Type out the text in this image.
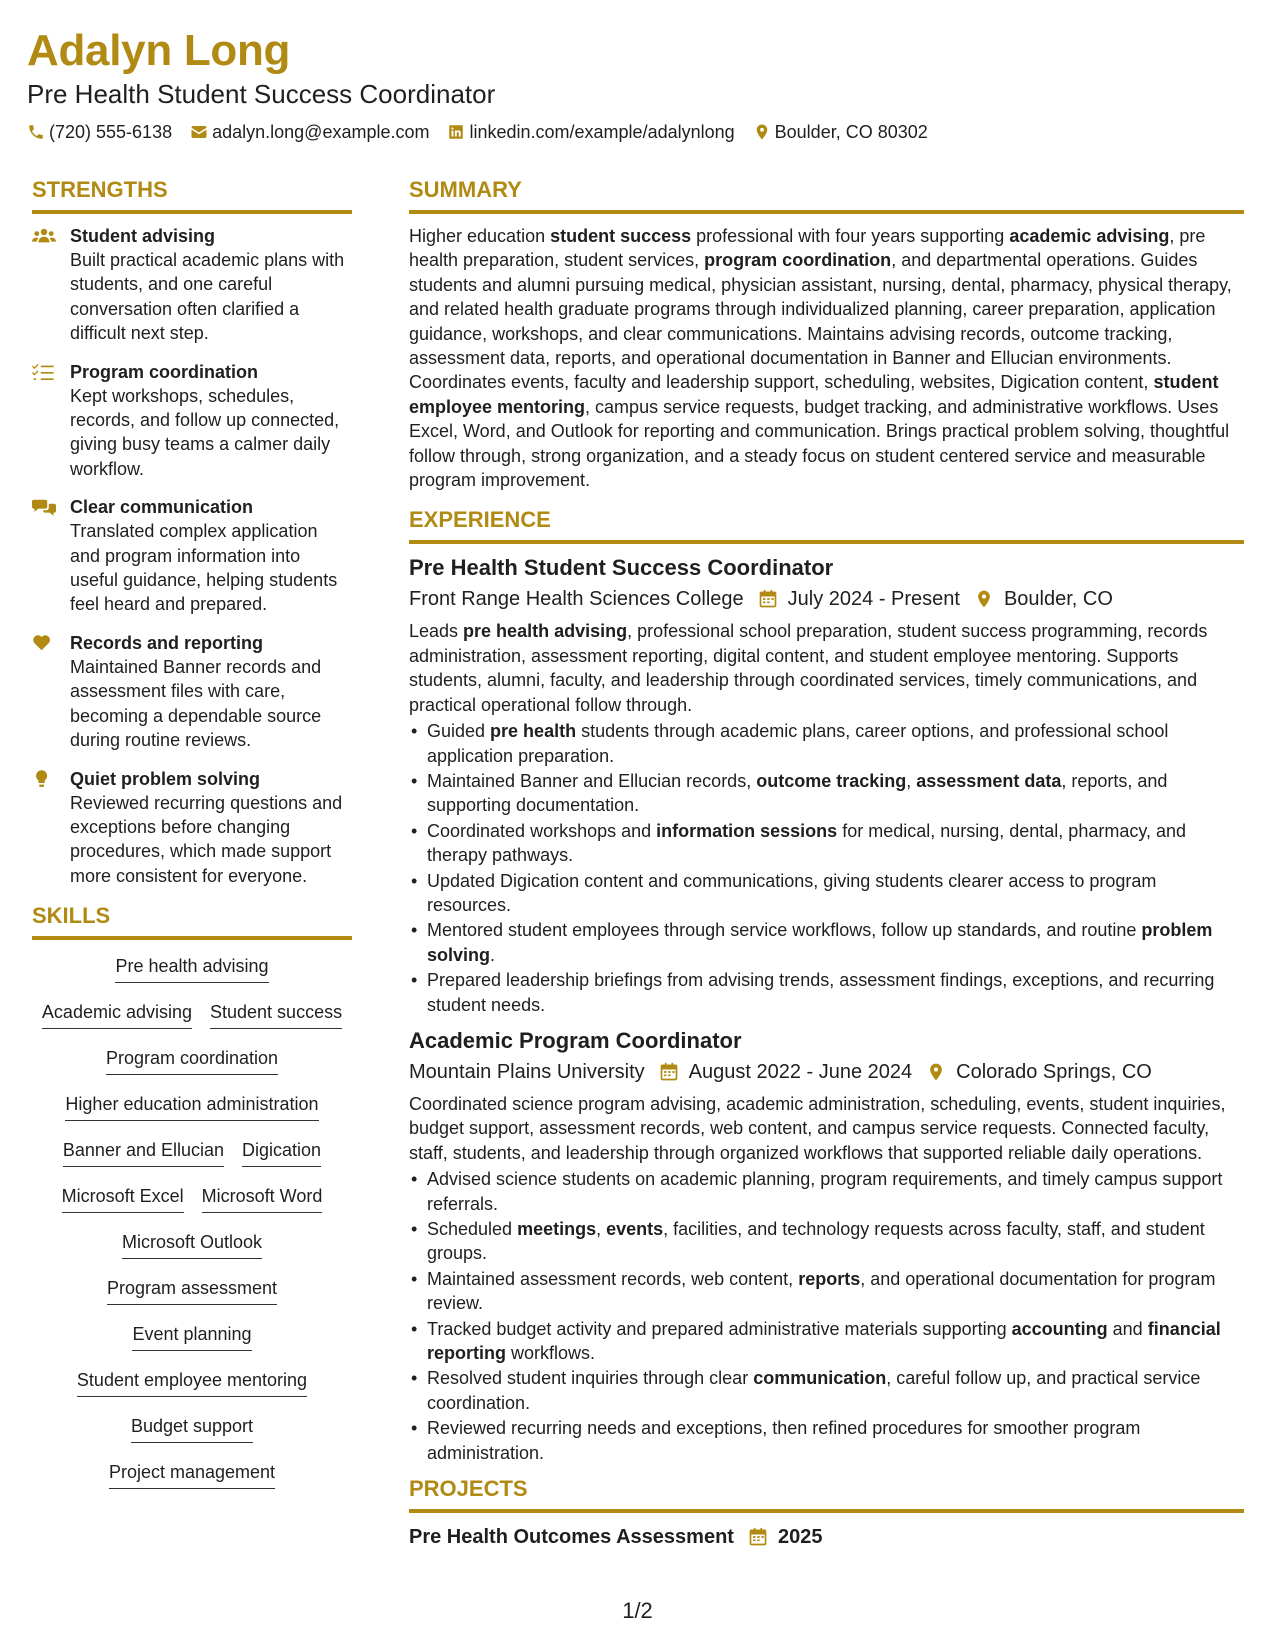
Adalyn Long
Pre Health Student Success Coordinator
(720) 555-6138 adalyn.long@example.com linkedin.com/example/adalynlong Boulder, CO 80302
STRENGTHS
Student advising
Built practical academic plans with students, and one careful conversation often clarified a difficult next step.
Program coordination
Kept workshops, schedules, records, and follow up connected, giving busy teams a calmer daily workflow.
Clear communication
Translated complex application and program information into useful guidance, helping students feel heard and prepared.
Records and reporting
Maintained Banner records and assessment files with care, becoming a dependable source during routine reviews.
Quiet problem solving
Reviewed recurring questions and exceptions before changing procedures, which made support more consistent for everyone.
SKILLS
Pre health advising
Academic advising Student success
Program coordination
Higher education administration
Banner and Ellucian Digication
Microsoft Excel Microsoft Word
Microsoft Outlook
Program assessment
Event planning
Student employee mentoring
Budget support
Project management
SUMMARY
Higher education student success professional with four years supporting academic advising, pre health preparation, student services, program coordination, and departmental operations. Guides students and alumni pursuing medical, physician assistant, nursing, dental, pharmacy, physical therapy, and related health graduate programs through individualized planning, career preparation, application guidance, workshops, and clear communications. Maintains advising records, outcome tracking, assessment data, reports, and operational documentation in Banner and Ellucian environments. Coordinates events, faculty and leadership support, scheduling, websites, Digication content, student employee mentoring, campus service requests, budget tracking, and administrative workflows. Uses Excel, Word, and Outlook for reporting and communication. Brings practical problem solving, thoughtful follow through, strong organization, and a steady focus on student centered service and measurable program improvement.
EXPERIENCE
Pre Health Student Success Coordinator
Front Range Health Sciences College July 2024 - Present Boulder, CO
Leads pre health advising, professional school preparation, student success programming, records administration, assessment reporting, digital content, and student employee mentoring. Supports students, alumni, faculty, and leadership through coordinated services, timely communications, and practical operational follow through.
• Guided pre health students through academic plans, career options, and professional school application preparation.
• Maintained Banner and Ellucian records, outcome tracking, assessment data, reports, and supporting documentation.
• Coordinated workshops and information sessions for medical, nursing, dental, pharmacy, and therapy pathways.
• Updated Digication content and communications, giving students clearer access to program resources.
• Mentored student employees through service workflows, follow up standards, and routine problem solving.
• Prepared leadership briefings from advising trends, assessment findings, exceptions, and recurring student needs.
Academic Program Coordinator
Mountain Plains University August 2022 - June 2024 Colorado Springs, CO
Coordinated science program advising, academic administration, scheduling, events, student inquiries, budget support, assessment records, web content, and campus service requests. Connected faculty, staff, students, and leadership through organized workflows that supported reliable daily operations.
• Advised science students on academic planning, program requirements, and timely campus support referrals.
• Scheduled meetings, events, facilities, and technology requests across faculty, staff, and student groups.
• Maintained assessment records, web content, reports, and operational documentation for program review.
• Tracked budget activity and prepared administrative materials supporting accounting and financial reporting workflows.
• Resolved student inquiries through clear communication, careful follow up, and practical service coordination.
• Reviewed recurring needs and exceptions, then refined procedures for smoother program administration.
PROJECTS
Pre Health Outcomes Assessment 2025
1/2
